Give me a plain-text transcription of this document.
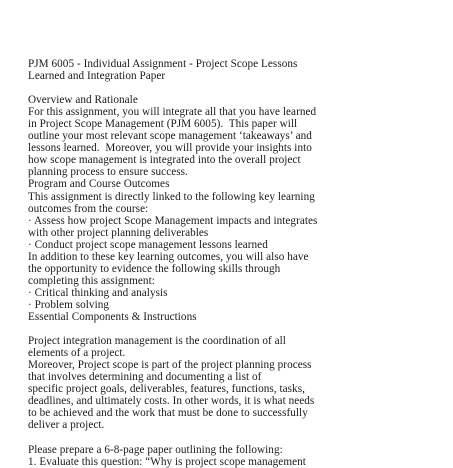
PJM 6005 - Individual Assignment - Project Scope Lessons
Learned and Integration Paper
Overview and Rationale
For this assignment, you will integrate all that you have learned
in Project Scope Management (PJM 6005).  This paper will
outline your most relevant scope management ‘takeaways’ and
lessons learned.  Moreover, you will provide your insights into
how scope management is integrated into the overall project
planning process to ensure success.
Program and Course Outcomes
This assignment is directly linked to the following key learning
outcomes from the course:
· Assess how project Scope Management impacts and integrates
with other project planning deliverables
· Conduct project scope management lessons learned
In addition to these key learning outcomes, you will also have
the opportunity to evidence the following skills through
completing this assignment:
· Critical thinking and analysis
· Problem solving
Essential Components & Instructions
Project integration management is the coordination of all
elements of a project.
Moreover, Project scope is part of the project planning process
that involves determining and documenting a list of
specific project goals, deliverables, features, functions, tasks,
deadlines, and ultimately costs. In other words, it is what needs
to be achieved and the work that must be done to successfully
deliver a project.
Please prepare a 6-8-page paper outlining the following:
1. Evaluate this question: “Why is project scope management
